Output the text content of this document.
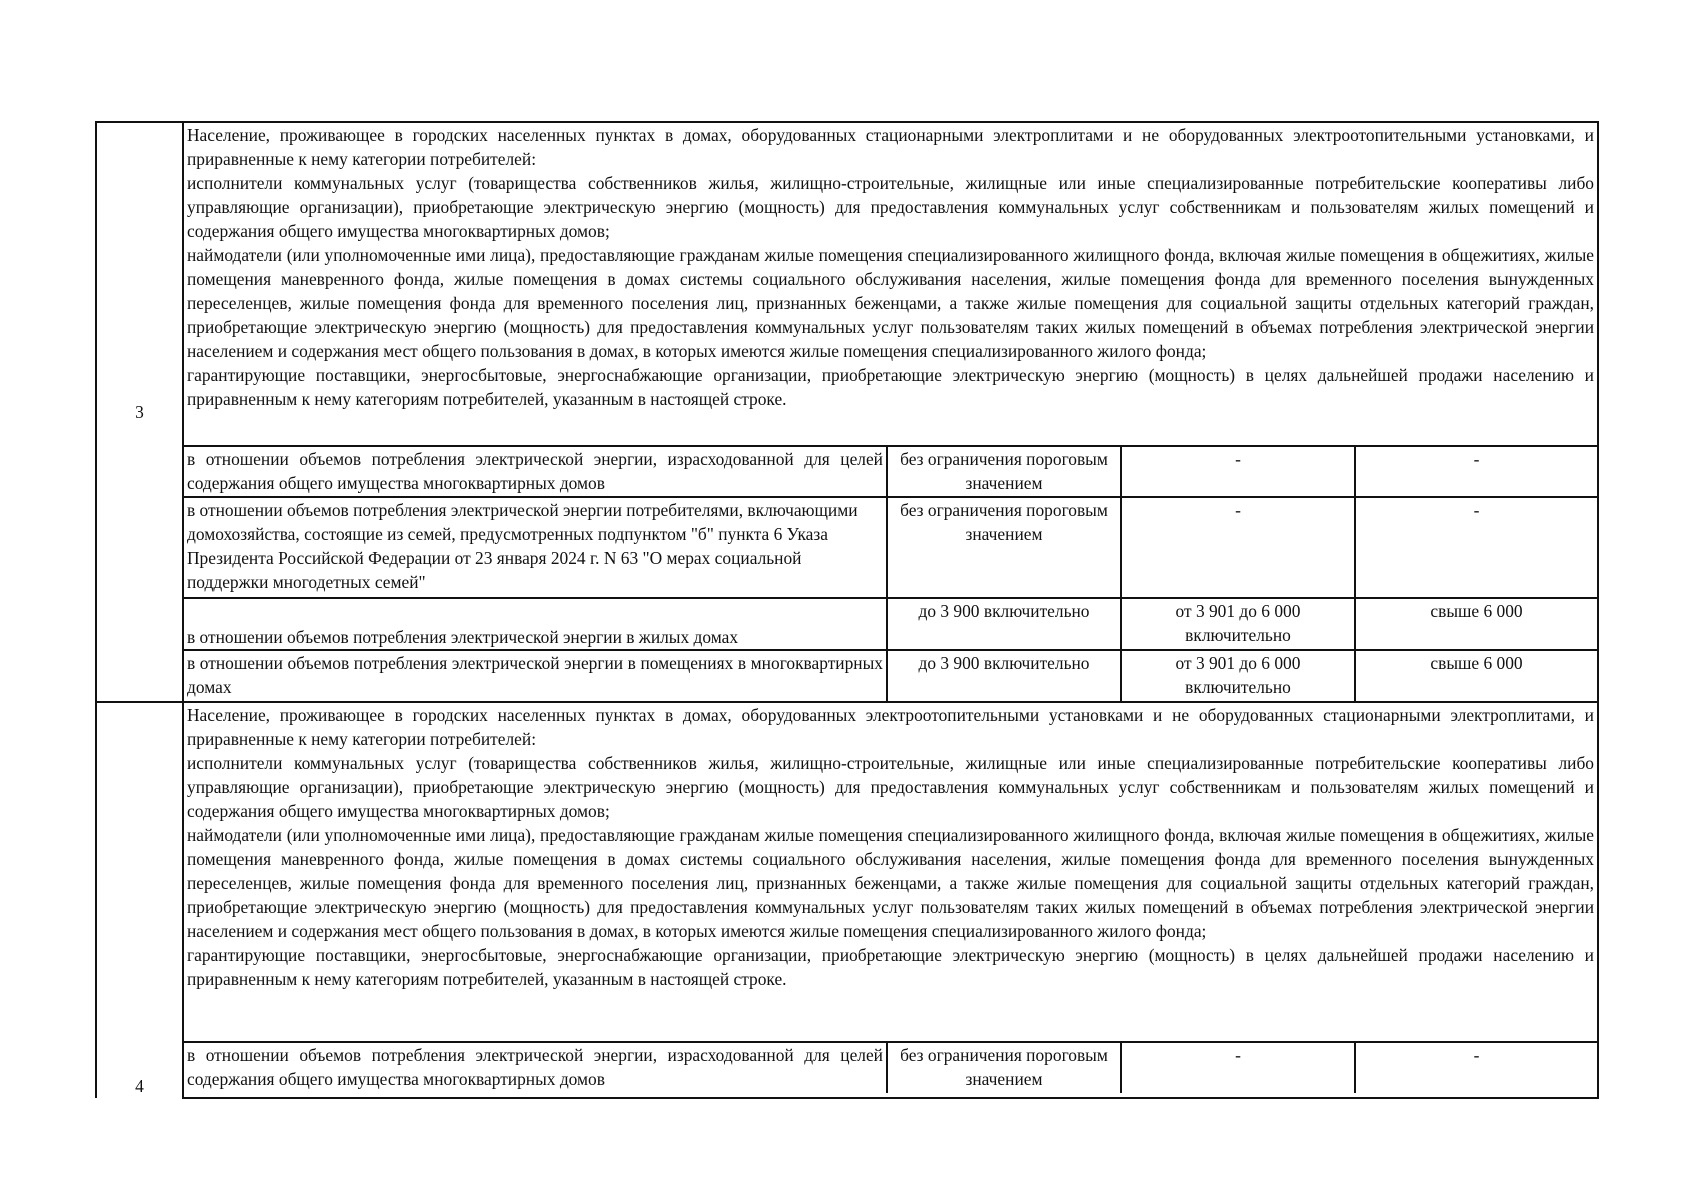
3	

Население, проживающее в городских населенных пунктах в домах, оборудованных стационарными электроплитами и не оборудованных электроотопительными установками, и приравненные к нему категории потребителей:

исполнители коммунальных услуг (товарищества собственников жилья, жилищно-строительные, жилищные или иные специализированные потребительские кооперативы либо управляющие организации), приобретающие электрическую энергию (мощность) для предоставления коммунальных услуг собственникам и пользователям жилых помещений и содержания общего имущества многоквартирных домов;

наймодатели (или уполномоченные ими лица), предоставляющие гражданам жилые помещения специализированного жилищного фонда, включая жилые помещения в общежитиях, жилые помещения маневренного фонда, жилые помещения в домах системы социального обслуживания населения, жилые помещения фонда для временного поселения вынужденных переселенцев, жилые помещения фонда для временного поселения лиц, признанных беженцами, а также жилые помещения для социальной защиты отдельных категорий граждан, приобретающие электрическую энергию (мощность) для предоставления коммунальных услуг пользователям таких жилых помещений в объемах потребления электрической энергии населением и содержания мест общего пользования в домах, в которых имеются жилые помещения специализированного жилого фонда;

гарантирующие поставщики, энергосбытовые, энергоснабжающие организации, приобретающие электрическую энергию (мощность) в целях дальнейшей продажи населению и приравненным к нему категориям потребителей, указанным в настоящей строке.

в отношении объемов потребления электрической энергии, израсходованной для целей содержания общего имущества многоквартирных домов	без ограничения пороговым значением	-	-
в отношении объемов потребления электрической энергии потребителями, включающими домохозяйства, состоящие из семей, предусмотренных подпунктом "б" пункта 6 Указа Президента Российской Федерации от 23 января 2024 г. N 63 "О мерах социальной поддержки многодетных семей"	без ограничения пороговым значением	-	-
в отношении объемов потребления электрической энергии в жилых домах	до 3 900 включительно	от 3 901 до 6 000 включительно	свыше 6 000
в отношении объемов потребления электрической энергии в помещениях в многоквартирных домах	до 3 900 включительно	от 3 901 до 6 000 включительно	свыше 6 000

4	

Население, проживающее в городских населенных пунктах в домах, оборудованных электроотопительными установками и не оборудованных стационарными электроплитами, и приравненные к нему категории потребителей:

исполнители коммунальных услуг (товарищества собственников жилья, жилищно-строительные, жилищные или иные специализированные потребительские кооперативы либо управляющие организации), приобретающие электрическую энергию (мощность) для предоставления коммунальных услуг собственникам и пользователям жилых помещений и содержания общего имущества многоквартирных домов;

наймодатели (или уполномоченные ими лица), предоставляющие гражданам жилые помещения специализированного жилищного фонда, включая жилые помещения в общежитиях, жилые помещения маневренного фонда, жилые помещения в домах системы социального обслуживания населения, жилые помещения фонда для временного поселения вынужденных переселенцев, жилые помещения фонда для временного поселения лиц, признанных беженцами, а также жилые помещения для социальной защиты отдельных категорий граждан, приобретающие электрическую энергию (мощность) для предоставления коммунальных услуг пользователям таких жилых помещений в объемах потребления электрической энергии населением и содержания мест общего пользования в домах, в которых имеются жилые помещения специализированного жилого фонда;

гарантирующие поставщики, энергосбытовые, энергоснабжающие организации, приобретающие электрическую энергию (мощность) в целях дальнейшей продажи населению и приравненным к нему категориям потребителей, указанным в настоящей строке.

в отношении объемов потребления электрической энергии, израсходованной для целей содержания общего имущества многоквартирных домов	без ограничения пороговым значением	-	-
